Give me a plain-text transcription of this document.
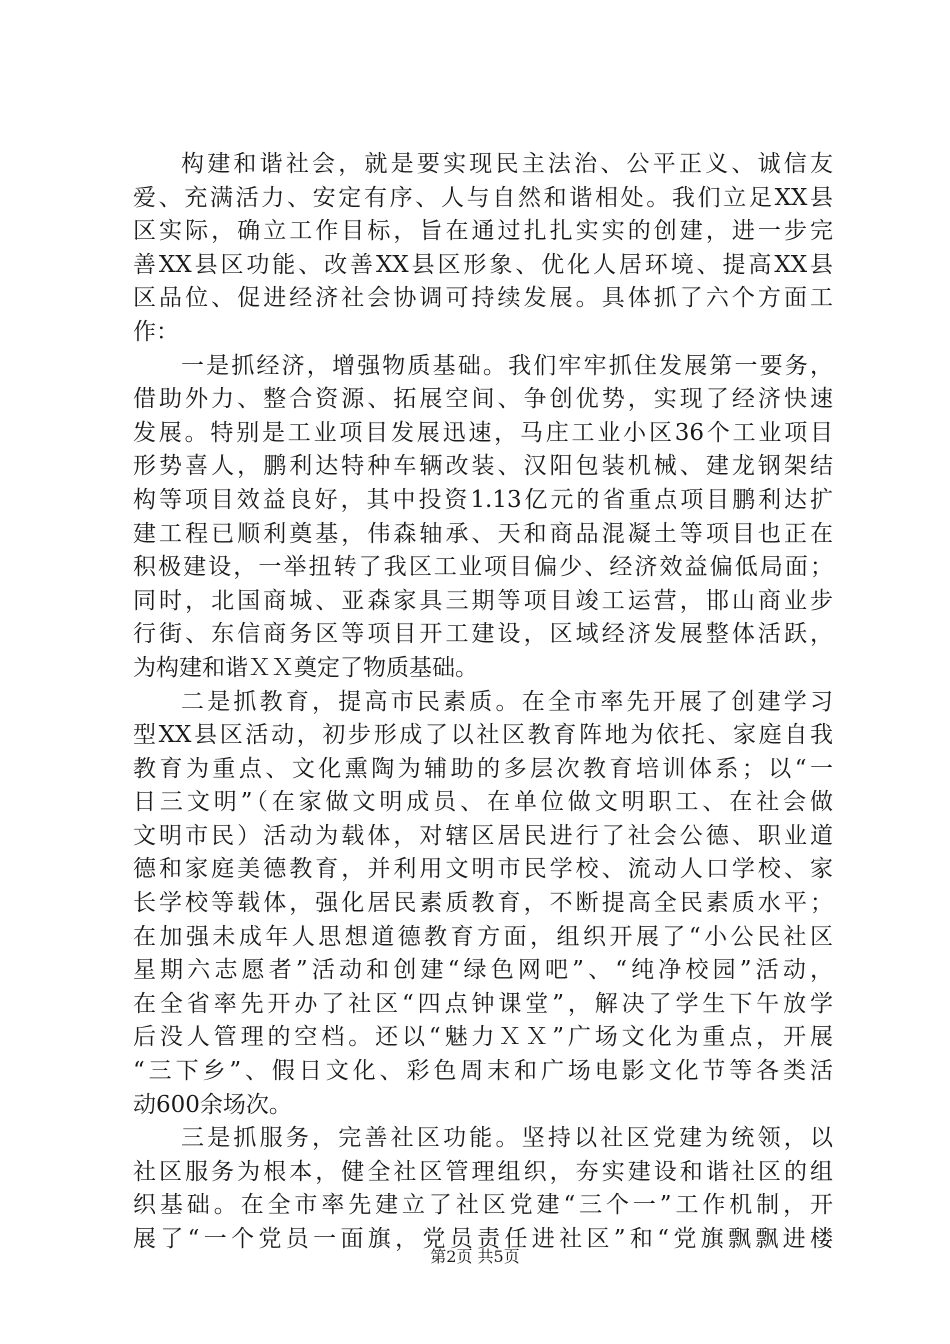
构建和谐社会，就是要实现民主法治、公平正义、诚信友
爱、充满活力、安定有序、人与自然和谐相处。我们立足XX县
区实际，确立工作目标，旨在通过扎扎实实的创建，进一步完
善XX县区功能、改善XX县区形象、优化人居环境、提高XX县
区品位、促进经济社会协调可持续发展。具体抓了六个方面工
作：
一是抓经济，增强物质基础。我们牢牢抓住发展第一要务，
借助外力、整合资源、拓展空间、争创优势，实现了经济快速
发展。特别是工业项目发展迅速，马庄工业小区36个工业项目
形势喜人，鹏利达特种车辆改装、汉阳包装机械、建龙钢架结
构等项目效益良好，其中投资1.13亿元的省重点项目鹏利达扩
建工程已顺利奠基，伟森轴承、天和商品混凝土等项目也正在
积极建设，一举扭转了我区工业项目偏少、经济效益偏低局面；
同时，北国商城、亚森家具三期等项目竣工运营，邯山商业步
行街、东信商务区等项目开工建设，区域经济发展整体活跃，
为构建和谐ＸＸ奠定了物质基础。
二是抓教育，提高市民素质。在全市率先开展了创建学习
型XX县区活动，初步形成了以社区教育阵地为依托、家庭自我
教育为重点、文化熏陶为辅助的多层次教育培训体系；以“一
日三文明”（在家做文明成员、在单位做文明职工、在社会做
文明市民）活动为载体，对辖区居民进行了社会公德、职业道
德和家庭美德教育，并利用文明市民学校、流动人口学校、家
长学校等载体，强化居民素质教育，不断提高全民素质水平；
在加强未成年人思想道德教育方面，组织开展了“小公民社区
星期六志愿者”活动和创建“绿色网吧”、“纯净校园”活动，
在全省率先开办了社区“四点钟课堂”，解决了学生下午放学
后没人管理的空档。还以“魅力ＸＸ”广场文化为重点，开展
“三下乡”、假日文化、彩色周末和广场电影文化节等各类活
动600余场次。
三是抓服务，完善社区功能。坚持以社区党建为统领，以
社区服务为根本，健全社区管理组织，夯实建设和谐社区的组
织基础。在全市率先建立了社区党建“三个一”工作机制，开
展了“一个党员一面旗，党员责任进社区”和“党旗飘飘进楼
第2页 共5页
